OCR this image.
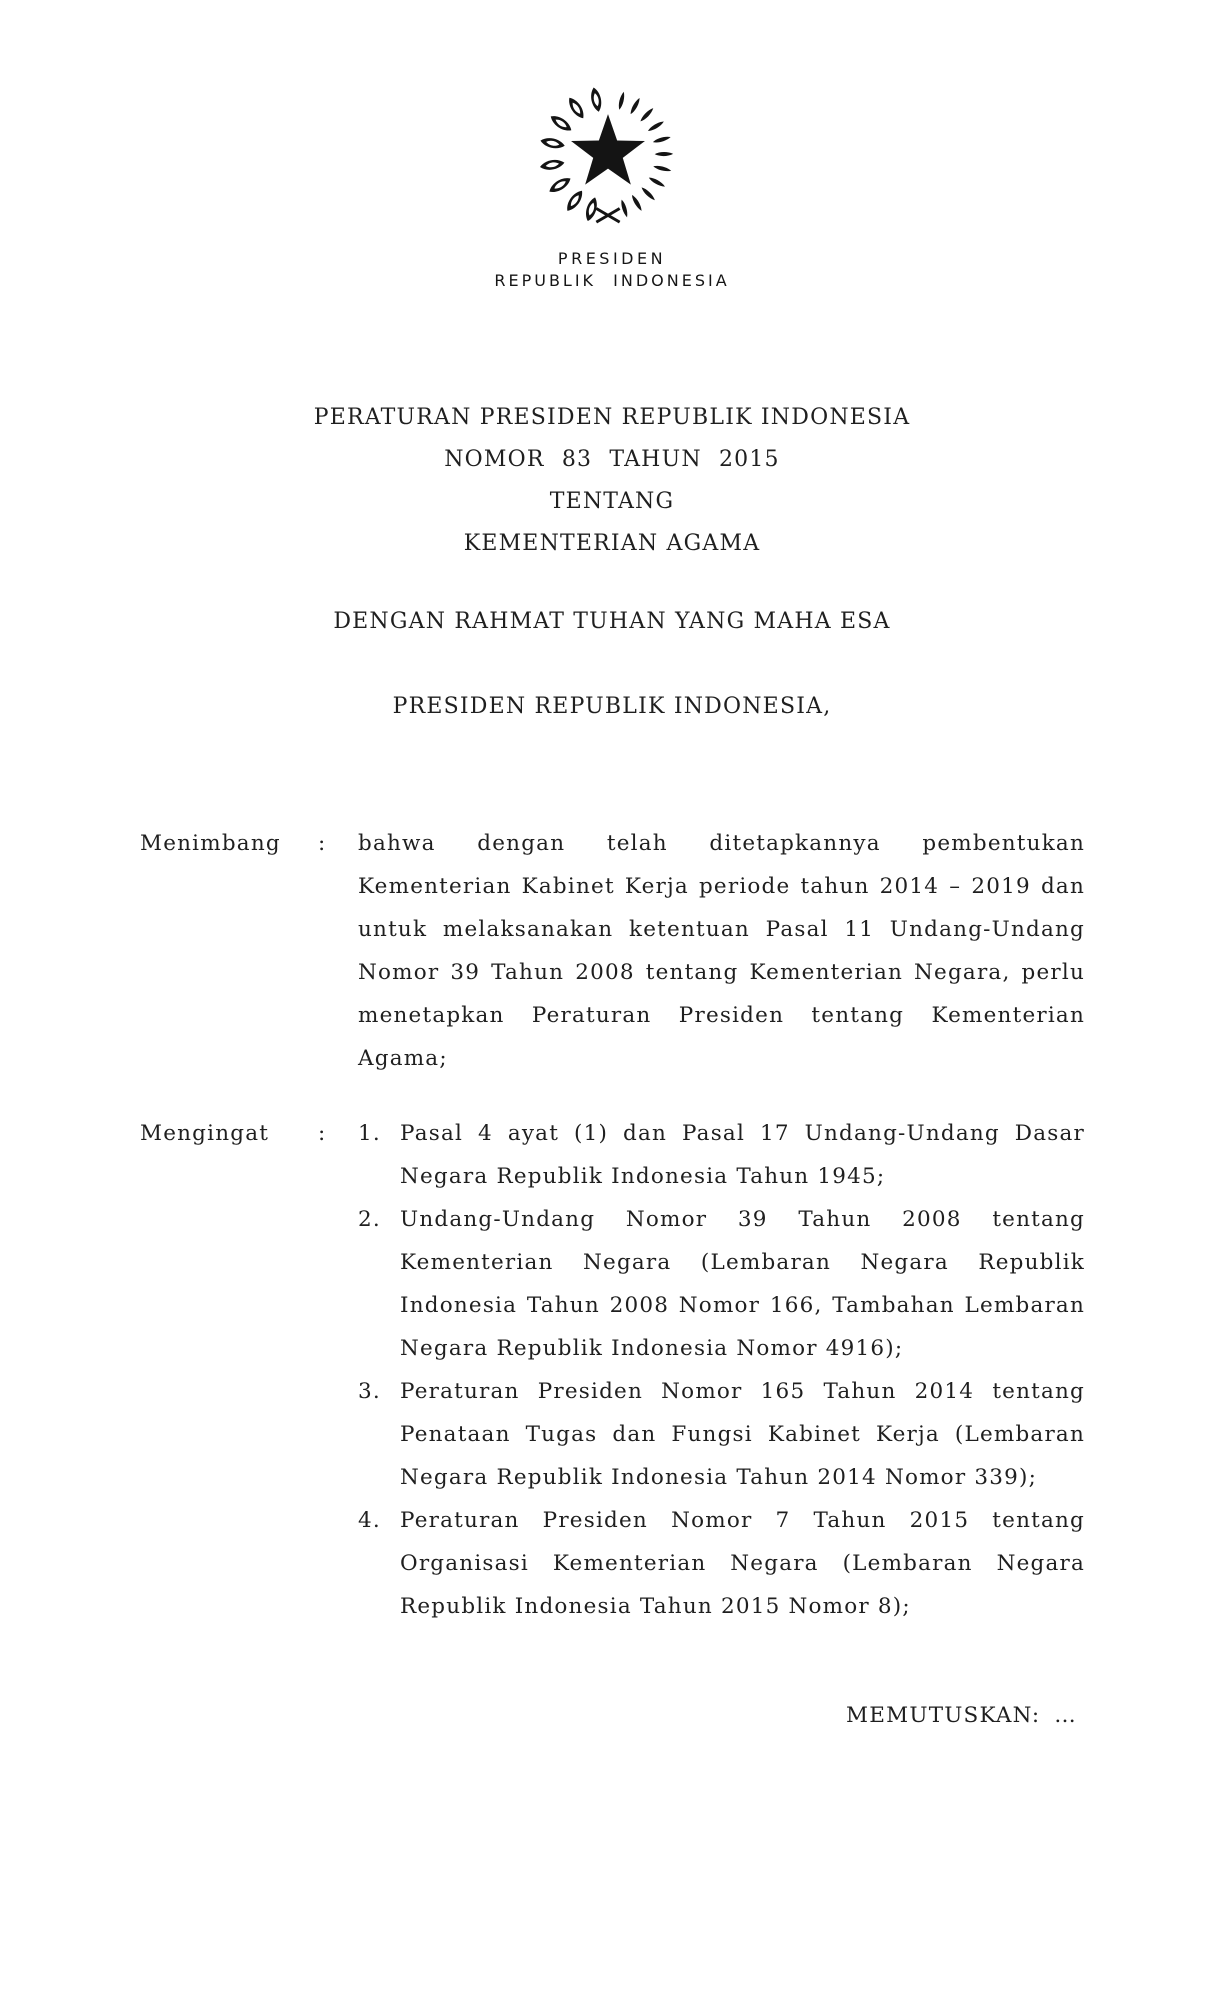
PRESIDEN
REPUBLIK INDONESIA
PERATURAN PRESIDEN REPUBLIK INDONESIA
NOMOR 83 TAHUN 2015
TENTANG
KEMENTERIAN AGAMA
DENGAN RAHMAT TUHAN YANG MAHA ESA
PRESIDEN REPUBLIK INDONESIA,
Menimbang	:	bahwa dengan telah ditetapkannya pembentukan
Kementerian Kabinet Kerja periode tahun 2014 – 2019 dan
untuk melaksanakan ketentuan Pasal 11 Undang-Undang
Nomor 39 Tahun 2008 tentang Kementerian Negara, perlu
menetapkan Peraturan Presiden tentang Kementerian
Agama;
Mengingat	:	1. Pasal 4 ayat (1) dan Pasal 17 Undang-Undang Dasar
Negara Republik Indonesia Tahun 1945;
2. Undang-Undang Nomor 39 Tahun 2008 tentang
Kementerian Negara (Lembaran Negara Republik
Indonesia Tahun 2008 Nomor 166, Tambahan Lembaran
Negara Republik Indonesia Nomor 4916);
3. Peraturan Presiden Nomor 165 Tahun 2014 tentang
Penataan Tugas dan Fungsi Kabinet Kerja (Lembaran
Negara Republik Indonesia Tahun 2014 Nomor 339);
4. Peraturan Presiden Nomor 7 Tahun 2015 tentang
Organisasi Kementerian Negara (Lembaran Negara
Republik Indonesia Tahun 2015 Nomor 8);
MEMUTUSKAN: …
